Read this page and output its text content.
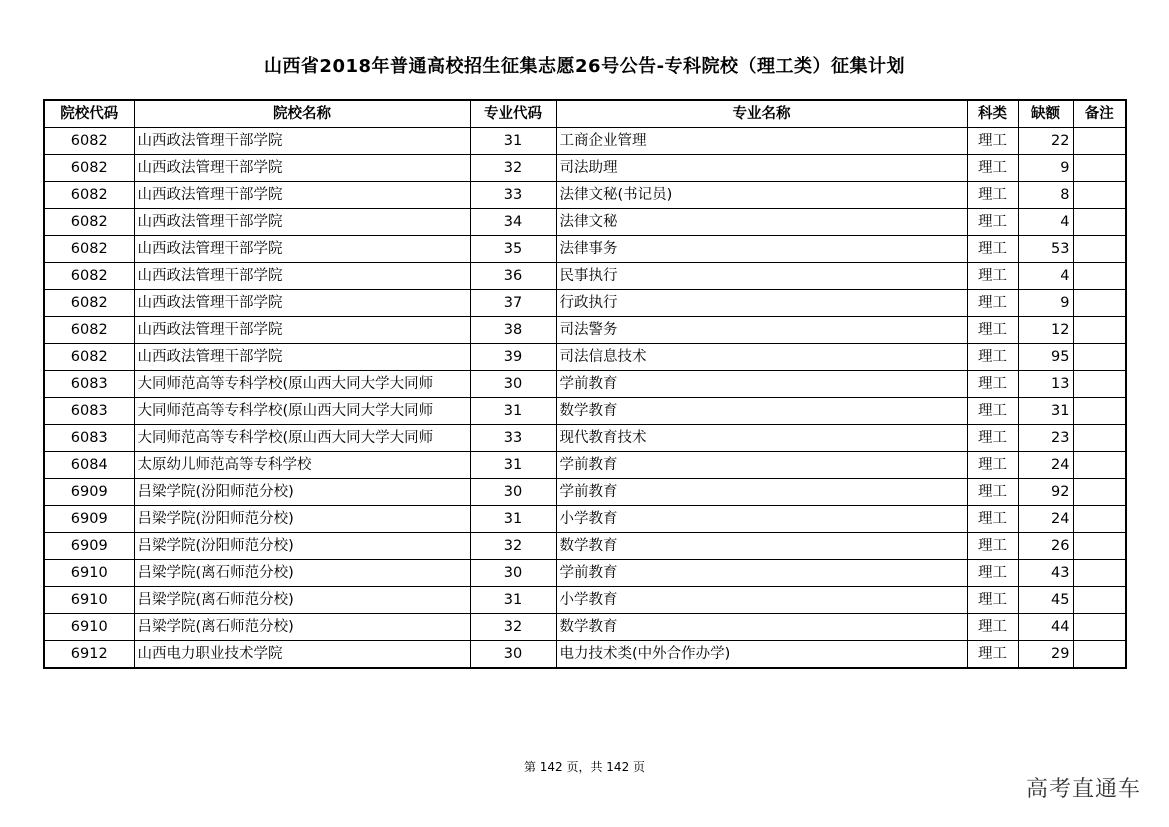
山西省2018年普通高校招生征集志愿26号公告-专科院校（理工类）征集计划
院校代码	院校名称	专业代码	专业名称	科类	缺额	备注
6082	山西政法管理干部学院	31	工商企业管理	理工	22	
6082	山西政法管理干部学院	32	司法助理	理工	9	
6082	山西政法管理干部学院	33	法律文秘(书记员)	理工	8	
6082	山西政法管理干部学院	34	法律文秘	理工	4	
6082	山西政法管理干部学院	35	法律事务	理工	53	
6082	山西政法管理干部学院	36	民事执行	理工	4	
6082	山西政法管理干部学院	37	行政执行	理工	9	
6082	山西政法管理干部学院	38	司法警务	理工	12	
6082	山西政法管理干部学院	39	司法信息技术	理工	95	
6083	大同师范高等专科学校(原山西大同大学大同师	30	学前教育	理工	13	
6083	大同师范高等专科学校(原山西大同大学大同师	31	数学教育	理工	31	
6083	大同师范高等专科学校(原山西大同大学大同师	33	现代教育技术	理工	23	
6084	太原幼儿师范高等专科学校	31	学前教育	理工	24	
6909	吕梁学院(汾阳师范分校)	30	学前教育	理工	92	
6909	吕梁学院(汾阳师范分校)	31	小学教育	理工	24	
6909	吕梁学院(汾阳师范分校)	32	数学教育	理工	26	
6910	吕梁学院(离石师范分校)	30	学前教育	理工	43	
6910	吕梁学院(离石师范分校)	31	小学教育	理工	45	
6910	吕梁学院(离石师范分校)	32	数学教育	理工	44	
6912	山西电力职业技术学院	30	电力技术类(中外合作办学)	理工	29	
第 142 页，共 142 页
高考直通车
